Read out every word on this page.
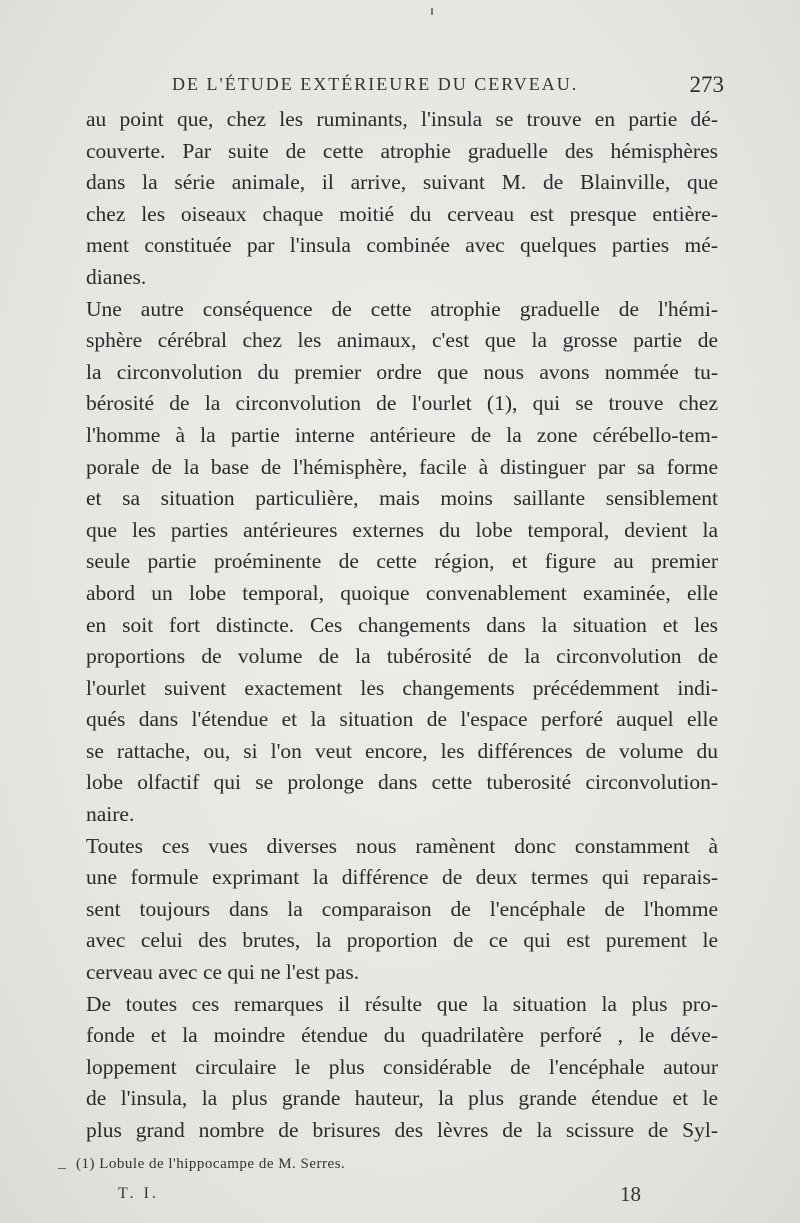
DE L'ÉTUDE EXTÉRIEURE DU CERVEAU.	273
au point que, chez les ruminants, l'insula se trouve en partie dé-
couverte. Par suite de cette atrophie graduelle des hémisphères
dans la série animale, il arrive, suivant M. de Blainville, que
chez les oiseaux chaque moitié du cerveau est presque entière-
ment constituée par l'insula combinée avec quelques parties mé-
dianes.
Une autre conséquence de cette atrophie graduelle de l'hémi-
sphère cérébral chez les animaux, c'est que la grosse partie de
la circonvolution du premier ordre que nous avons nommée tu-
bérosité de la circonvolution de l'ourlet (1), qui se trouve chez
l'homme à la partie interne antérieure de la zone cérébello-tem-
porale de la base de l'hémisphère, facile à distinguer par sa forme
et sa situation particulière, mais moins saillante sensiblement
que les parties antérieures externes du lobe temporal, devient la
seule partie proéminente de cette région, et figure au premier
abord un lobe temporal, quoique convenablement examinée, elle
en soit fort distincte. Ces changements dans la situation et les
proportions de volume de la tubérosité de la circonvolution de
l'ourlet suivent exactement les changements précédemment indi-
qués dans l'étendue et la situation de l'espace perforé auquel elle
se rattache, ou, si l'on veut encore, les différences de volume du
lobe olfactif qui se prolonge dans cette tuberosité circonvolution-
naire.
Toutes ces vues diverses nous ramènent donc constamment à
une formule exprimant la différence de deux termes qui reparais-
sent toujours dans la comparaison de l'encéphale de l'homme
avec celui des brutes, la proportion de ce qui est purement le
cerveau avec ce qui ne l'est pas.
De toutes ces remarques il résulte que la situation la plus pro-
fonde et la moindre étendue du quadrilatère perforé , le déve-
loppement circulaire le plus considérable de l'encéphale autour
de l'insula, la plus grande hauteur, la plus grande étendue et le
plus grand nombre de brisures des lèvres de la scissure de Syl-
(1) Lobule de l'hippocampe de M. Serres.
T. I.	18
